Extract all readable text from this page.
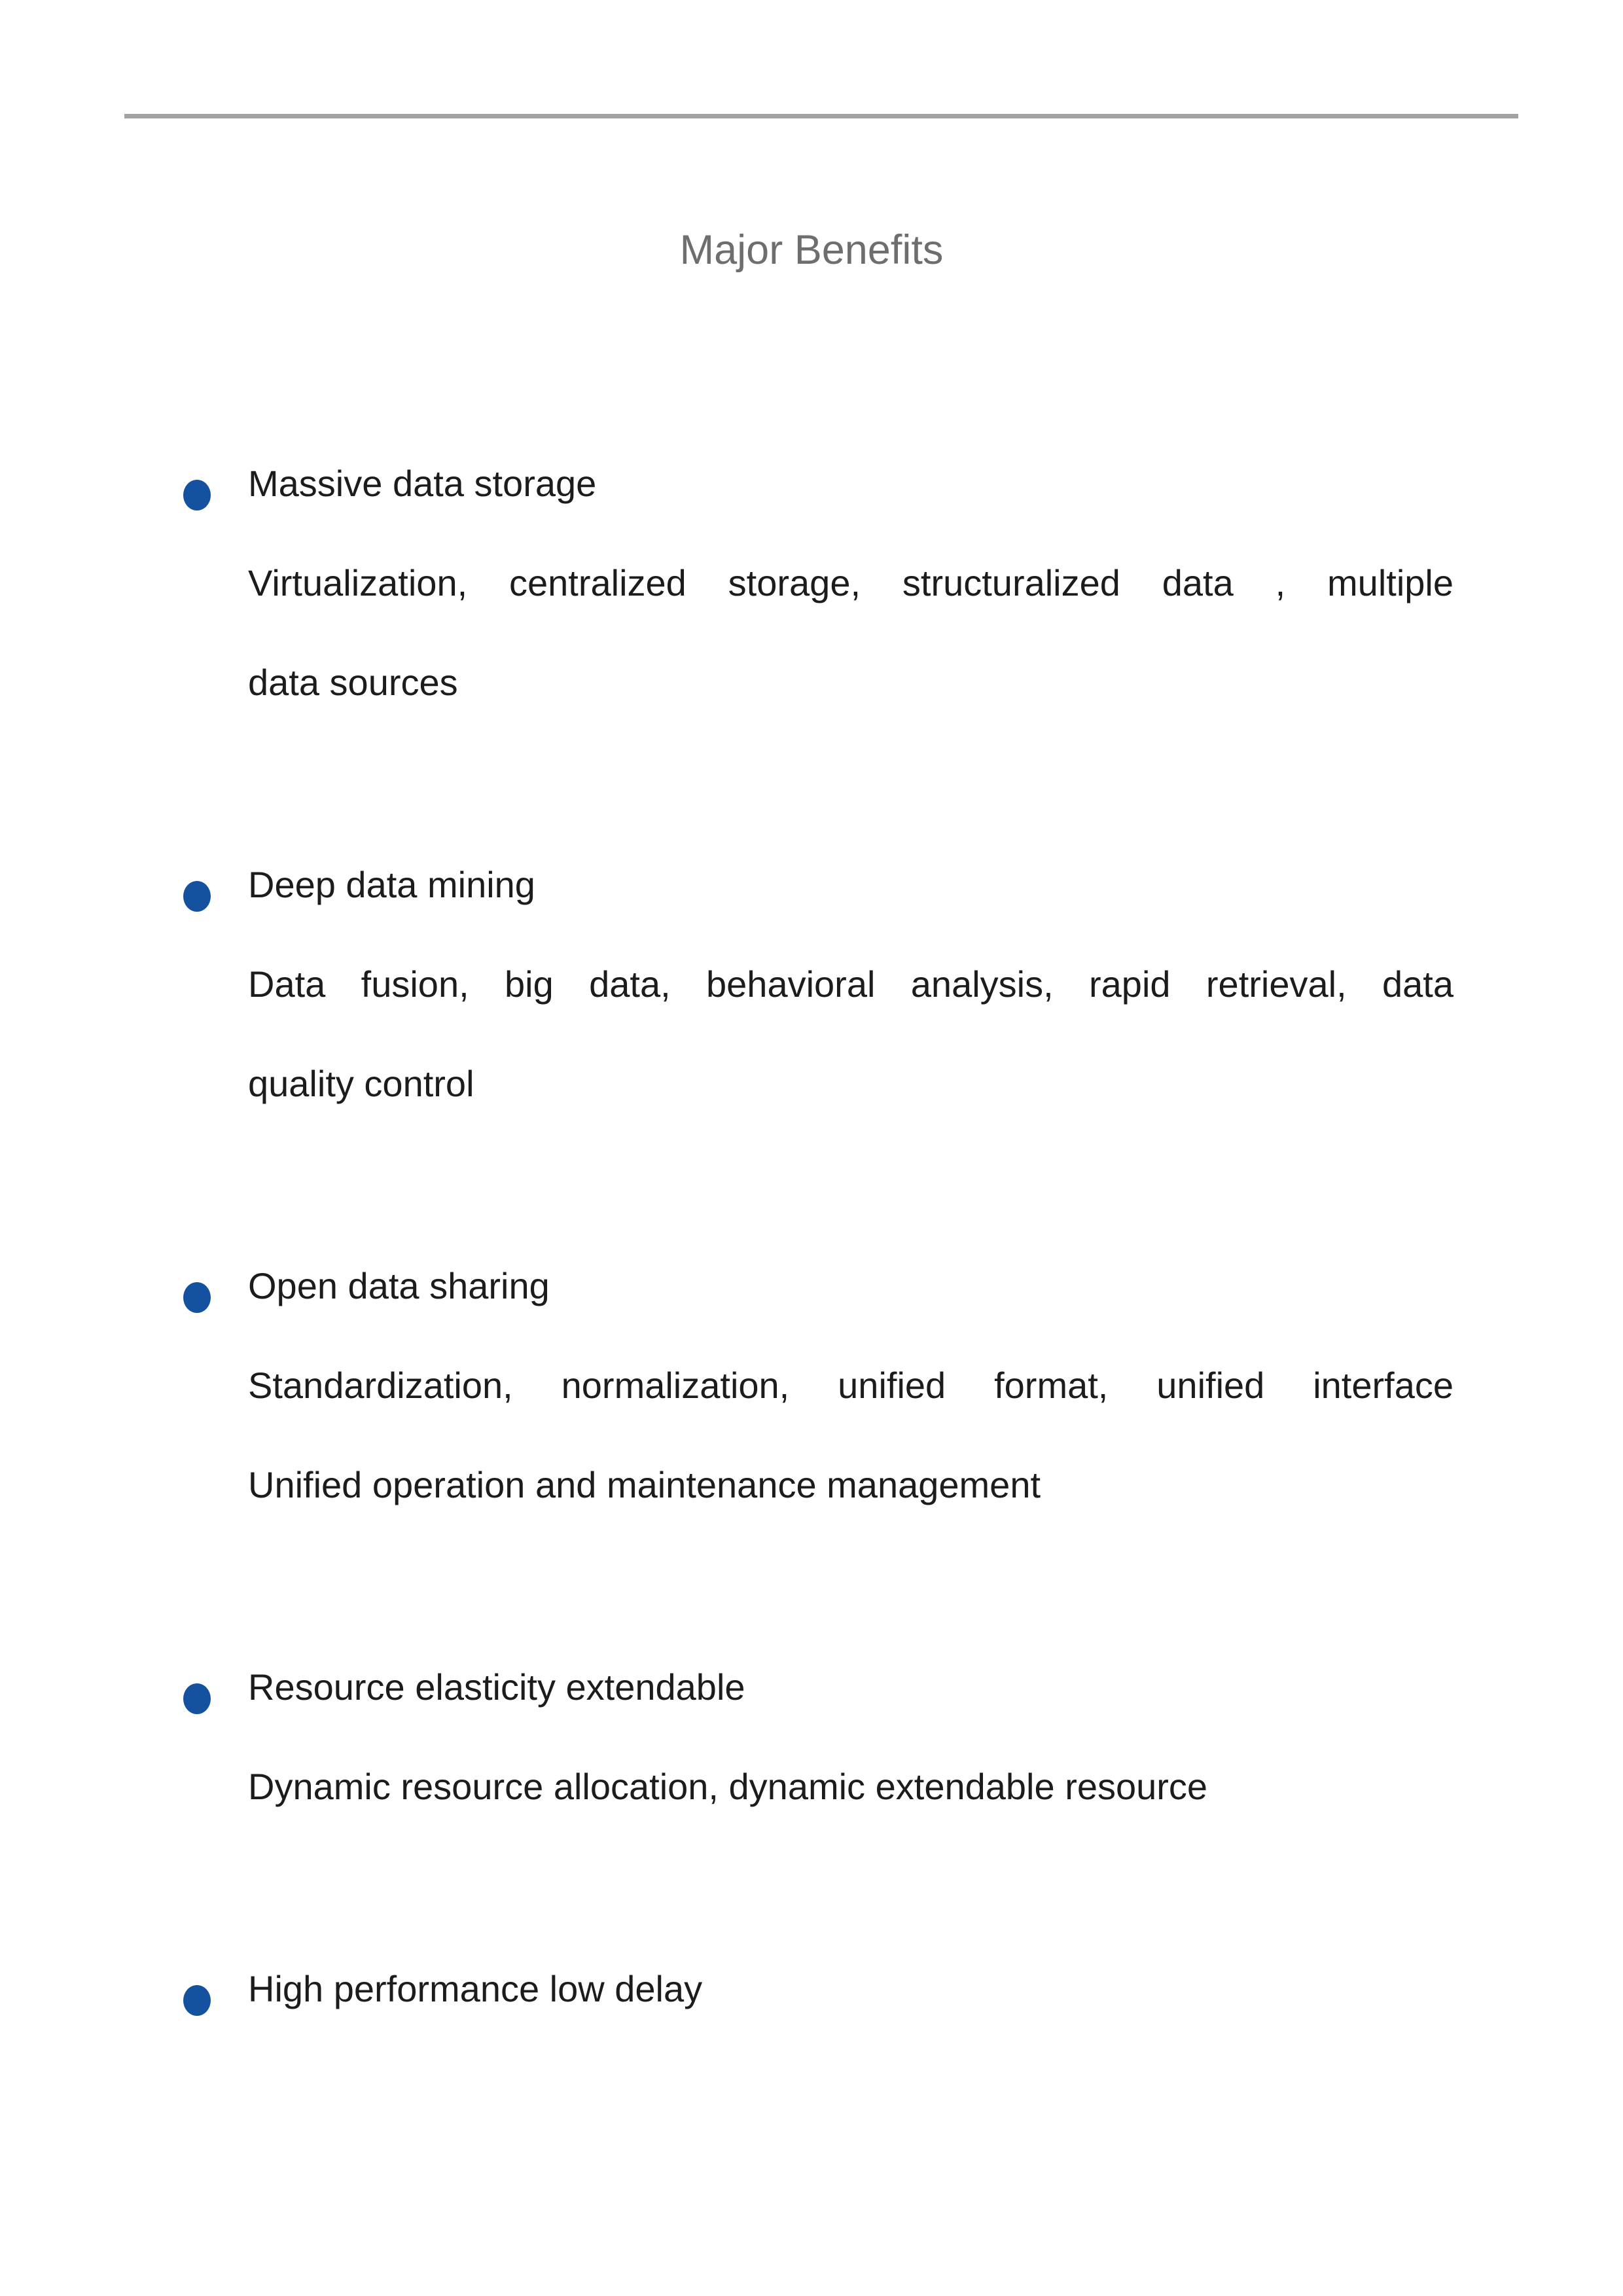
Major Benefits
Massive data storage
Virtualization, centralized storage, structuralized data , multiple
data sources
Deep data mining
Data fusion, big data, behavioral analysis, rapid retrieval, data
quality control
Open data sharing
Standardization, normalization, unified format, unified interface
Unified operation and maintenance management
Resource elasticity extendable
Dynamic resource allocation, dynamic extendable resource
High performance low delay
